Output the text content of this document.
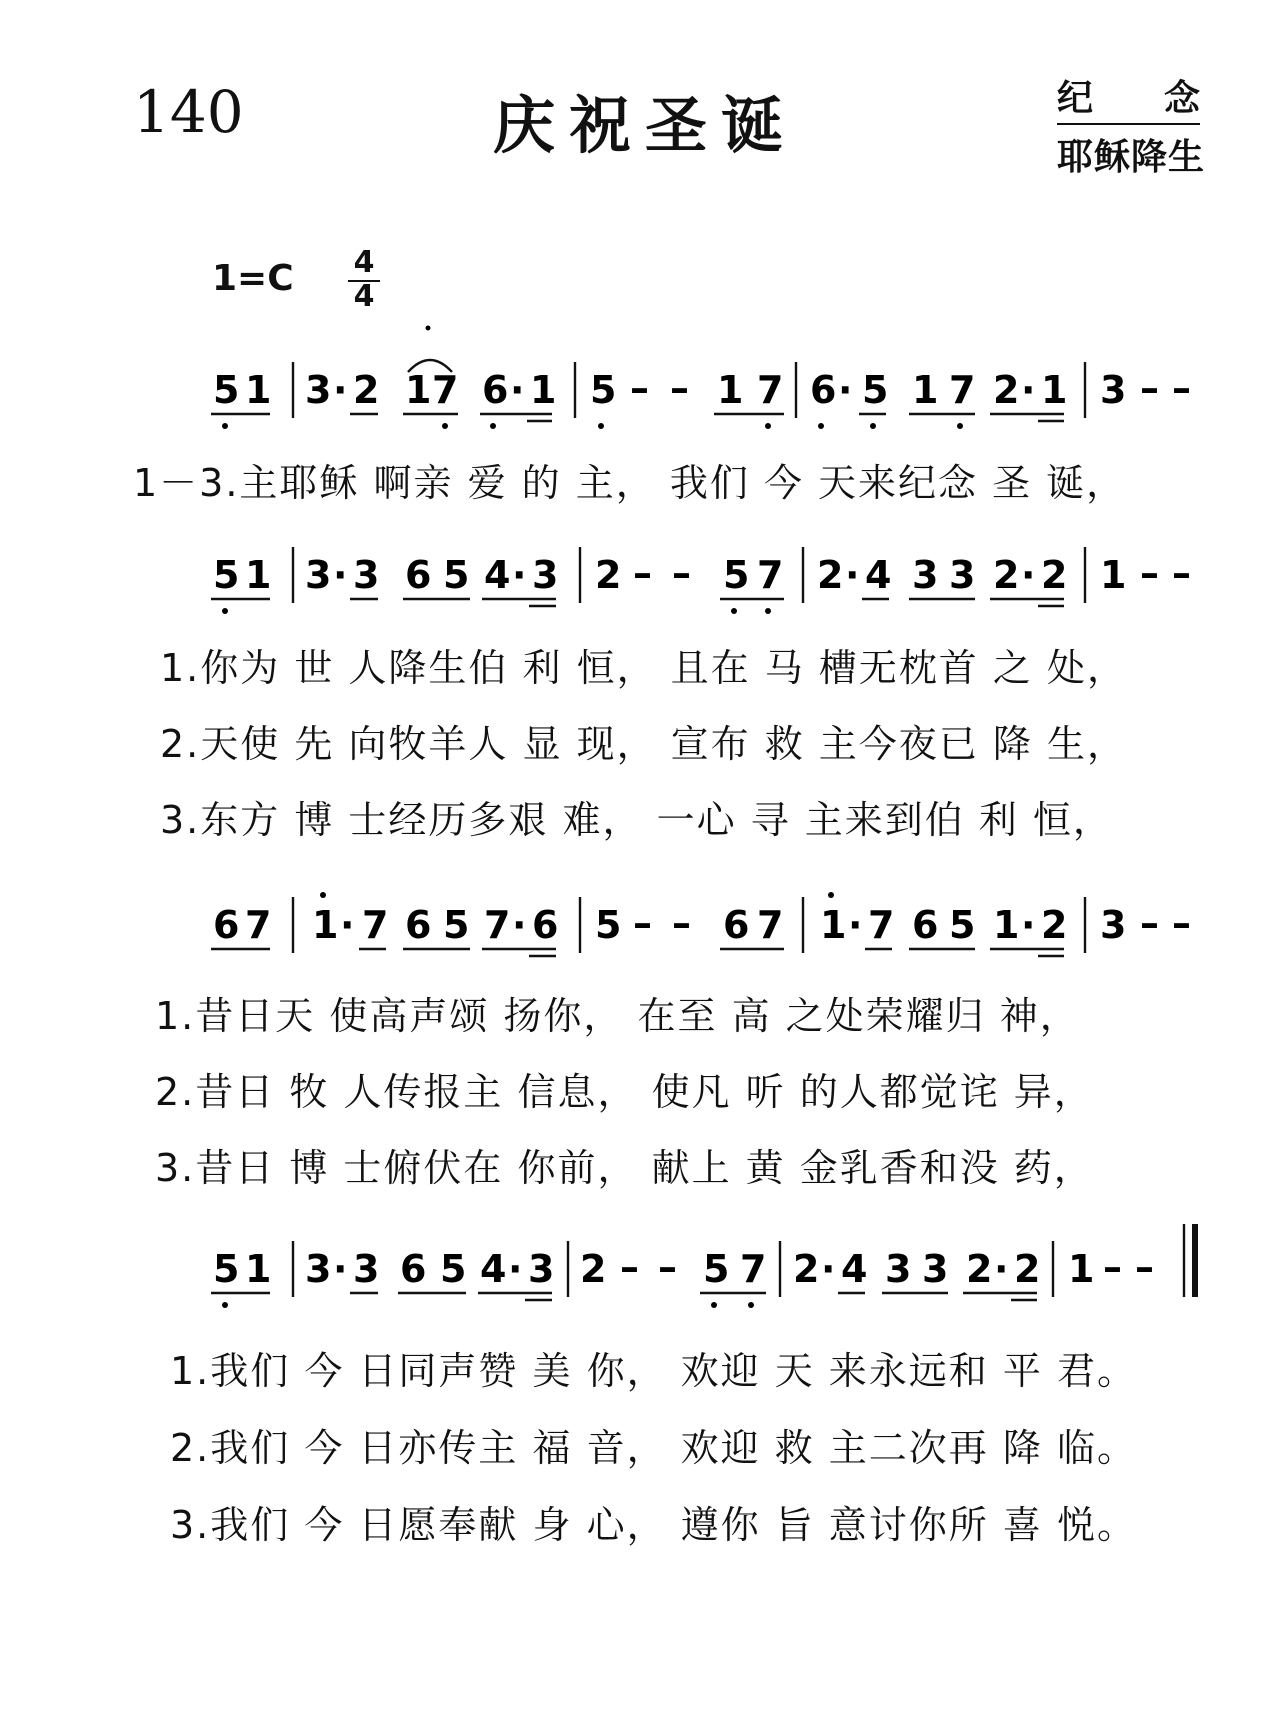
140	庆祝圣诞	纪 念
耶稣降生
1=C 4
4
5 1 3 · 2 1 7 6 · 1 5 – – 1 7 6 · 5 1 7 2 · 1 3 – –
5 1 3 · 3 6 5 4 · 3 2 – – 5 7 2 · 4 3 3 2 · 2 1 – –
6 7 1 · 7 6 5 7 · 6 5 – – 6 7 1 · 7 6 5 1 · 2 3 – –
5 1 3 · 3 6 5 4 · 3 2 – – 5 7 2 · 4 3 3 2 · 2 1 – –
1－3.主耶稣 啊亲 爱 的 主， 我们 今 天来纪念 圣 诞，
1.你为 世 人降生伯 利 恒， 且在 马 槽无枕首 之 处，
2.天使 先 向牧羊人 显 现， 宣布 救 主今夜已 降 生，
3.东方 博 士经历多艰 难， 一心 寻 主来到伯 利 恒，
1.昔日天 使高声颂 扬你， 在至 高 之处荣耀归 神，
2.昔日 牧 人传报主 信息， 使凡 听 的人都觉诧 异，
3.昔日 博 士俯伏在 你前， 献上 黄 金乳香和没 药，
1.我们 今 日同声赞 美 你， 欢迎 天 来永远和 平 君。
2.我们 今 日亦传主 福 音， 欢迎 救 主二次再 降 临。
3.我们 今 日愿奉献 身 心， 遵你 旨 意讨你所 喜 悦。
